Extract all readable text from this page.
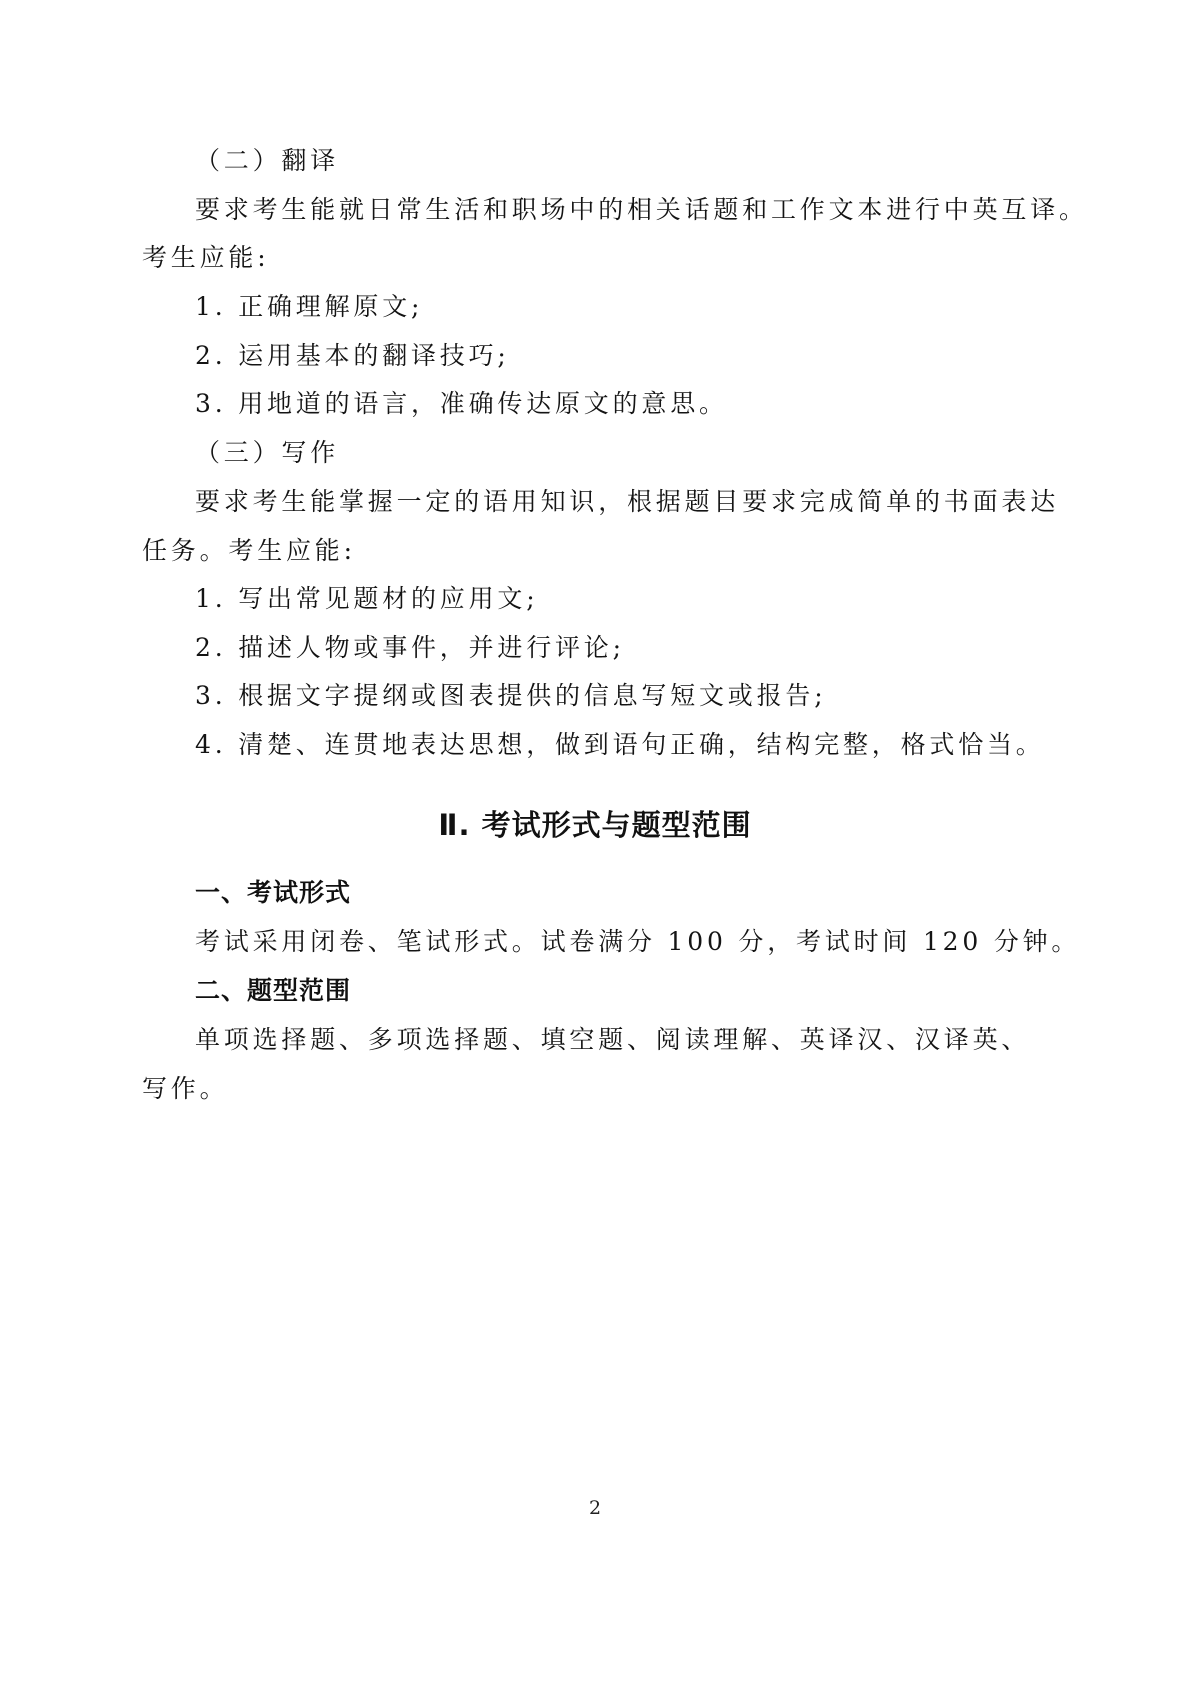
（二）翻译
要求考生能就日常生活和职场中的相关话题和工作文本进行中英互译。
考生应能:
1. 正确理解原文;
2. 运用基本的翻译技巧;
3. 用地道的语言，准确传达原文的意思。
（三）写作
要求考生能掌握一定的语用知识，根据题目要求完成简单的书面表达
任务。考生应能:
1. 写出常见题材的应用文;
2. 描述人物或事件，并进行评论;
3. 根据文字提纲或图表提供的信息写短文或报告;
4. 清楚、连贯地表达思想，做到语句正确，结构完整，格式恰当。
Ⅱ. 考试形式与题型范围
一、考试形式
考试采用闭卷、笔试形式。试卷满分 100 分，考试时间 120 分钟。
二、题型范围
单项选择题、多项选择题、填空题、阅读理解、英译汉、汉译英、
写作。
2
